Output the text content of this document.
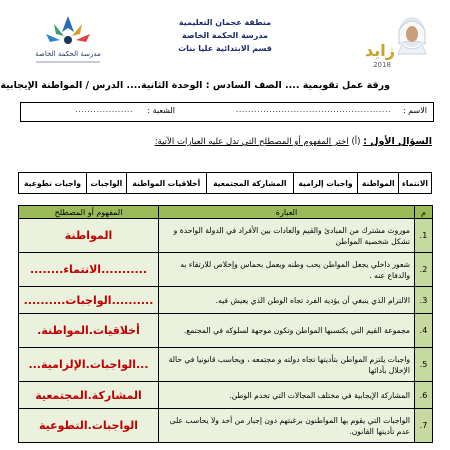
مدرسة الحكمة الخاصة
منطقة عجمان التعليمية
مدرسة الحكمة الخاصة
قسم الابتدائية عليا بنات	زايد
2018
ورقة عمل تقويمية .... الصف السادس : الوحدة الثانية.... الدرس / المواطنة الإيجابية
الاسم :
...................................................
الشعبة :
...................
السؤال الأول : (أ) اختر المفهوم أو المصطلح التي تدل عليه العبارات الآتية:
الانتماء	المواطنة	واجبات إلزامية	المشاركة المجتمعية	أخلاقيات المواطنة	الواجبات	واجبات تطوعية
م	العبارة	المفهوم أو المصطلح
1.	موروث مشترك من المبادئ والقيم والعادات بين الأفراد في الدولة الواحدة و تشكل شخصية المواطن	المواطنة
2.	شعور داخلي يجعل المواطن يحب وطنه ويعمل بحماس وإخلاص للارتقاء به والدفاع عنه .	...........الانتماء........
3.	الالتزام الذي ينبغي أن يؤديه الفرد تجاه الوطن الذي يعيش فيه.	..........الواجبات..........
4.	مجموعة القيم التي يكتسبها المواطن وتكون موجهة لسلوكه في المجتمع.	أخلاقيات.المواطنة.
5.	واجبات يلتزم المواطن بتأديتها تجاه دولته و مجتمعه ، ويحاسب قانونيا في حالة الإخلال بأدائها	...الواجبات.الإلزامية...
6.	المشاركة الإيجابية في مختلف المجالات التي تخدم الوطن.	المشاركة.المجتمعية
7.	الواجبات التي يقوم بها المواطنون برغبتهم دون إجبار من أحد ولا يحاسب على عدم تأديتها القانون.	الواجبات.التطوعية
